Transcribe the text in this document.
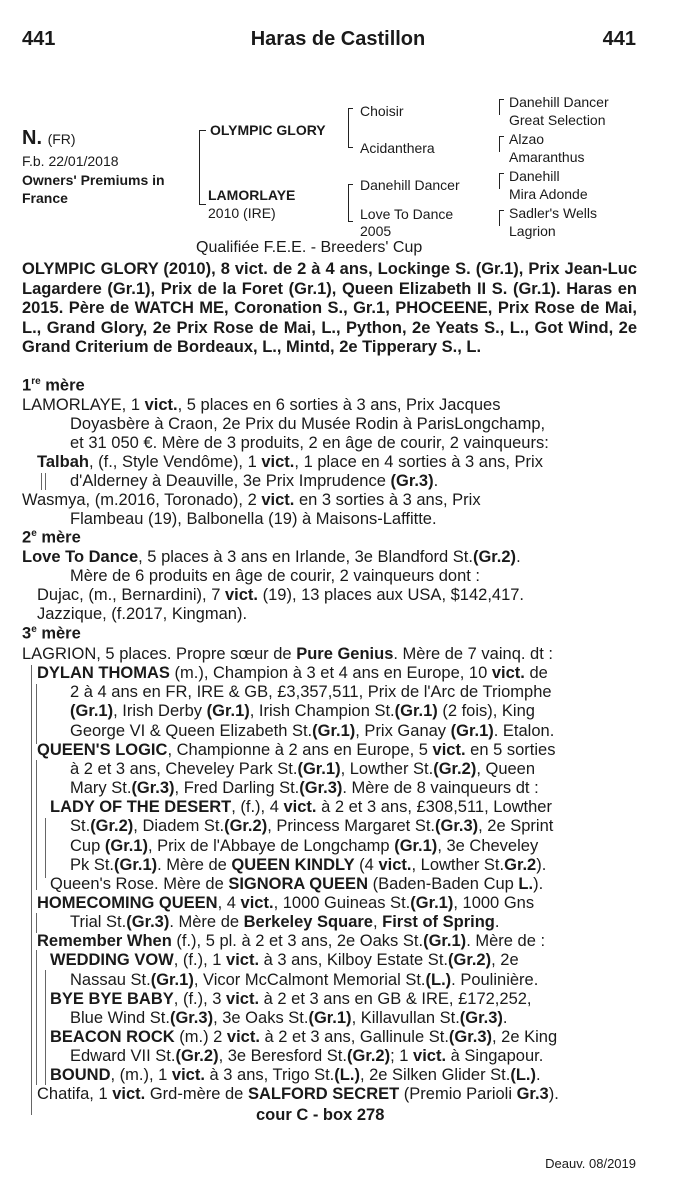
441	Haras de Castillon	441
N. (FR)
F.b. 22/01/2018
Owners' Premiums in
France
OLYMPIC GLORY
LAMORLAYE
2010 (IRE)
Choisir
Acidanthera
Danehill Dancer
Love To Dance
2005
Danehill Dancer
Great Selection
Alzao
Amaranthus
Danehill
Mira Adonde
Sadler's Wells
Lagrion
Qualifiée F.E.E. - Breeders' Cup
OLYMPIC GLORY (2010), 8 vict. de 2 à 4 ans, Lockinge S. (Gr.1), Prix Jean-Luc Lagardere (Gr.1), Prix de la Foret (Gr.1), Queen Elizabeth II S. (Gr.1). Haras en 2015. Père de WATCH ME, Coronation S., Gr.1, PHOCEENE, Prix Rose de Mai, L., Grand Glory, 2e Prix Rose de Mai, L., Python, 2e Yeats S., L., Got Wind, 2e Grand Criterium de Bordeaux, L., Mintd, 2e Tipperary S., L.
1re mère
LAMORLAYE, 1 vict., 5 places en 6 sorties à 3 ans, Prix Jacques
Doyasbère à Craon, 2e Prix du Musée Rodin à ParisLongchamp,
et 31 050 €. Mère de 3 produits, 2 en âge de courir, 2 vainqueurs:
Talbah, (f., Style Vendôme), 1 vict., 1 place en 4 sorties à 3 ans, Prix
d'Alderney à Deauville, 3e Prix Imprudence (Gr.3).
Wasmya, (m.2016, Toronado), 2 vict. en 3 sorties à 3 ans, Prix
Flambeau (19), Balbonella (19) à Maisons-Laffitte.
2e mère
Love To Dance, 5 places à 3 ans en Irlande, 3e Blandford St.(Gr.2).
Mère de 6 produits en âge de courir, 2 vainqueurs dont :
Dujac, (m., Bernardini), 7 vict. (19), 13 places aux USA, $142,417.
Jazzique, (f.2017, Kingman).
3e mère
LAGRION, 5 places. Propre sœur de Pure Genius. Mère de 7 vainq. dt :
DYLAN THOMAS (m.), Champion à 3 et 4 ans en Europe, 10 vict. de
2 à 4 ans en FR, IRE & GB, £3,357,511, Prix de l'Arc de Triomphe
(Gr.1), Irish Derby (Gr.1), Irish Champion St.(Gr.1) (2 fois), King
George VI & Queen Elizabeth St.(Gr.1), Prix Ganay (Gr.1). Etalon.
QUEEN'S LOGIC, Championne à 2 ans en Europe, 5 vict. en 5 sorties
à 2 et 3 ans, Cheveley Park St.(Gr.1), Lowther St.(Gr.2), Queen
Mary St.(Gr.3), Fred Darling St.(Gr.3). Mère de 8 vainqueurs dt :
LADY OF THE DESERT, (f.), 4 vict. à 2 et 3 ans, £308,511, Lowther
St.(Gr.2), Diadem St.(Gr.2), Princess Margaret St.(Gr.3), 2e Sprint
Cup (Gr.1), Prix de l'Abbaye de Longchamp (Gr.1), 3e Cheveley
Pk St.(Gr.1). Mère de QUEEN KINDLY (4 vict., Lowther St.Gr.2).
Queen's Rose. Mère de SIGNORA QUEEN (Baden-Baden Cup L.).
HOMECOMING QUEEN, 4 vict., 1000 Guineas St.(Gr.1), 1000 Gns
Trial St.(Gr.3). Mère de Berkeley Square, First of Spring.
Remember When (f.), 5 pl. à 2 et 3 ans, 2e Oaks St.(Gr.1). Mère de :
WEDDING VOW, (f.), 1 vict. à 3 ans, Kilboy Estate St.(Gr.2), 2e
Nassau St.(Gr.1), Vicor McCalmont Memorial St.(L.). Poulinière.
BYE BYE BABY, (f.), 3 vict. à 2 et 3 ans en GB & IRE, £172,252,
Blue Wind St.(Gr.3), 3e Oaks St.(Gr.1), Killavullan St.(Gr.3).
BEACON ROCK (m.) 2 vict. à 2 et 3 ans, Gallinule St.(Gr.3), 2e King
Edward VII St.(Gr.2), 3e Beresford St.(Gr.2); 1 vict. à Singapour.
BOUND, (m.), 1 vict. à 3 ans, Trigo St.(L.), 2e Silken Glider St.(L.).
Chatifa, 1 vict. Grd-mère de SALFORD SECRET (Premio Parioli Gr.3).
cour C - box 278
Deauv. 08/2019
